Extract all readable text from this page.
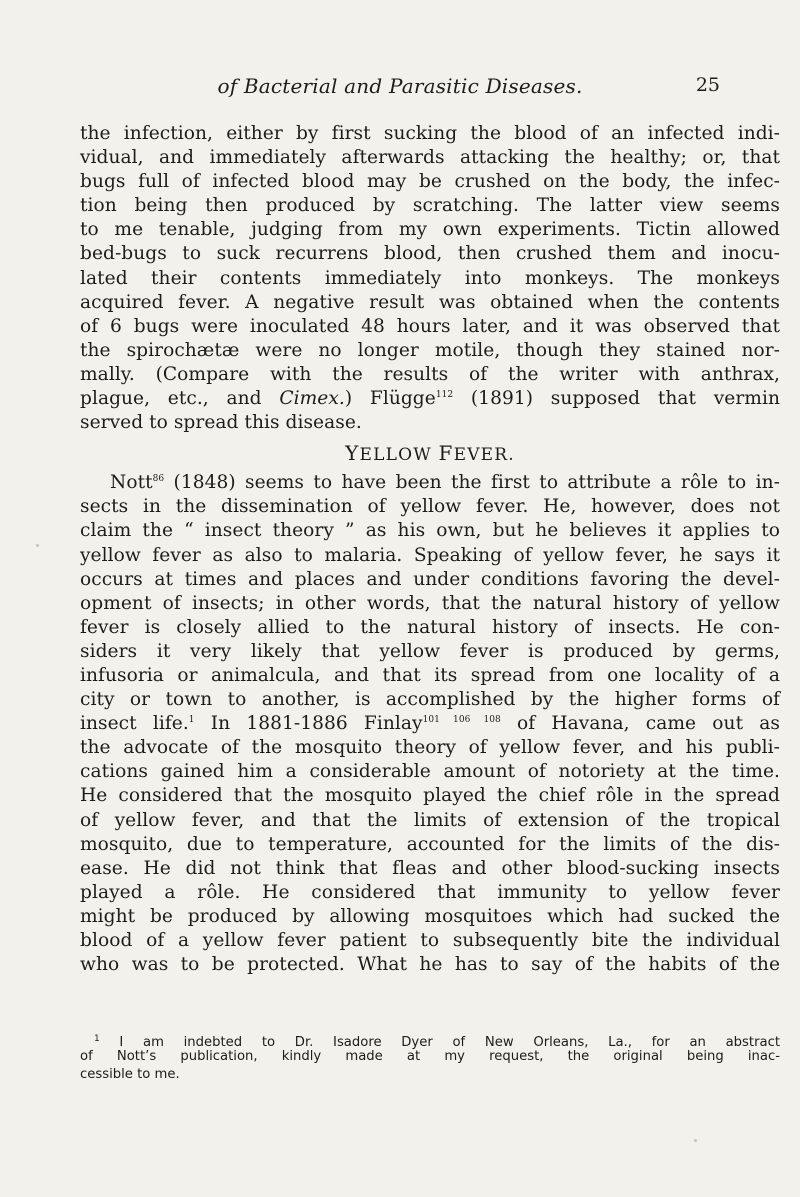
of Bacterial and Parasitic Diseases.	25
the infection, either by first sucking the blood of an infected indi-
vidual, and immediately afterwards attacking the healthy; or, that
bugs full of infected blood may be crushed on the body, the infec-
tion being then produced by scratching. The latter view seems
to me tenable, judging from my own experiments. Tictin allowed
bed-bugs to suck recurrens blood, then crushed them and inocu-
lated their contents immediately into monkeys. The monkeys
acquired fever. A negative result was obtained when the contents
of 6 bugs were inoculated 48 hours later, and it was observed that
the spirochætæ were no longer motile, though they stained nor-
mally. (Compare with the results of the writer with anthrax,
plague, etc., and Cimex.) Flügge$^{112}$ (1891) supposed that vermin
served to spread this disease.
YELLOW FEVER.
Nott$^{86}$ (1848) seems to have been the first to attribute a rôle to in-
sects in the dissemination of yellow fever. He, however, does not
claim the “ insect theory ” as his own, but he believes it applies to
yellow fever as also to malaria. Speaking of yellow fever, he says it
occurs at times and places and under conditions favoring the devel-
opment of insects; in other words, that the natural history of yellow
fever is closely allied to the natural history of insects. He con-
siders it very likely that yellow fever is produced by germs,
infusoria or animalcula, and that its spread from one locality of a
city or town to another, is accomplished by the higher forms of
insect life.$^1$ In 1881-1886 Finlay$^{101 106 108}$ of Havana, came out as
the advocate of the mosquito theory of yellow fever, and his publi-
cations gained him a considerable amount of notoriety at the time.
He considered that the mosquito played the chief rôle in the spread
of yellow fever, and that the limits of extension of the tropical
mosquito, due to temperature, accounted for the limits of the dis-
ease. He did not think that fleas and other blood-sucking insects
played a rôle. He considered that immunity to yellow fever
might be produced by allowing mosquitoes which had sucked the
blood of a yellow fever patient to subsequently bite the individual
who was to be protected. What he has to say of the habits of the
$^1$ I am indebted to Dr. Isadore Dyer of New Orleans, La., for an abstract
of Nott’s publication, kindly made at my request, the original being inac-
cessible to me.
